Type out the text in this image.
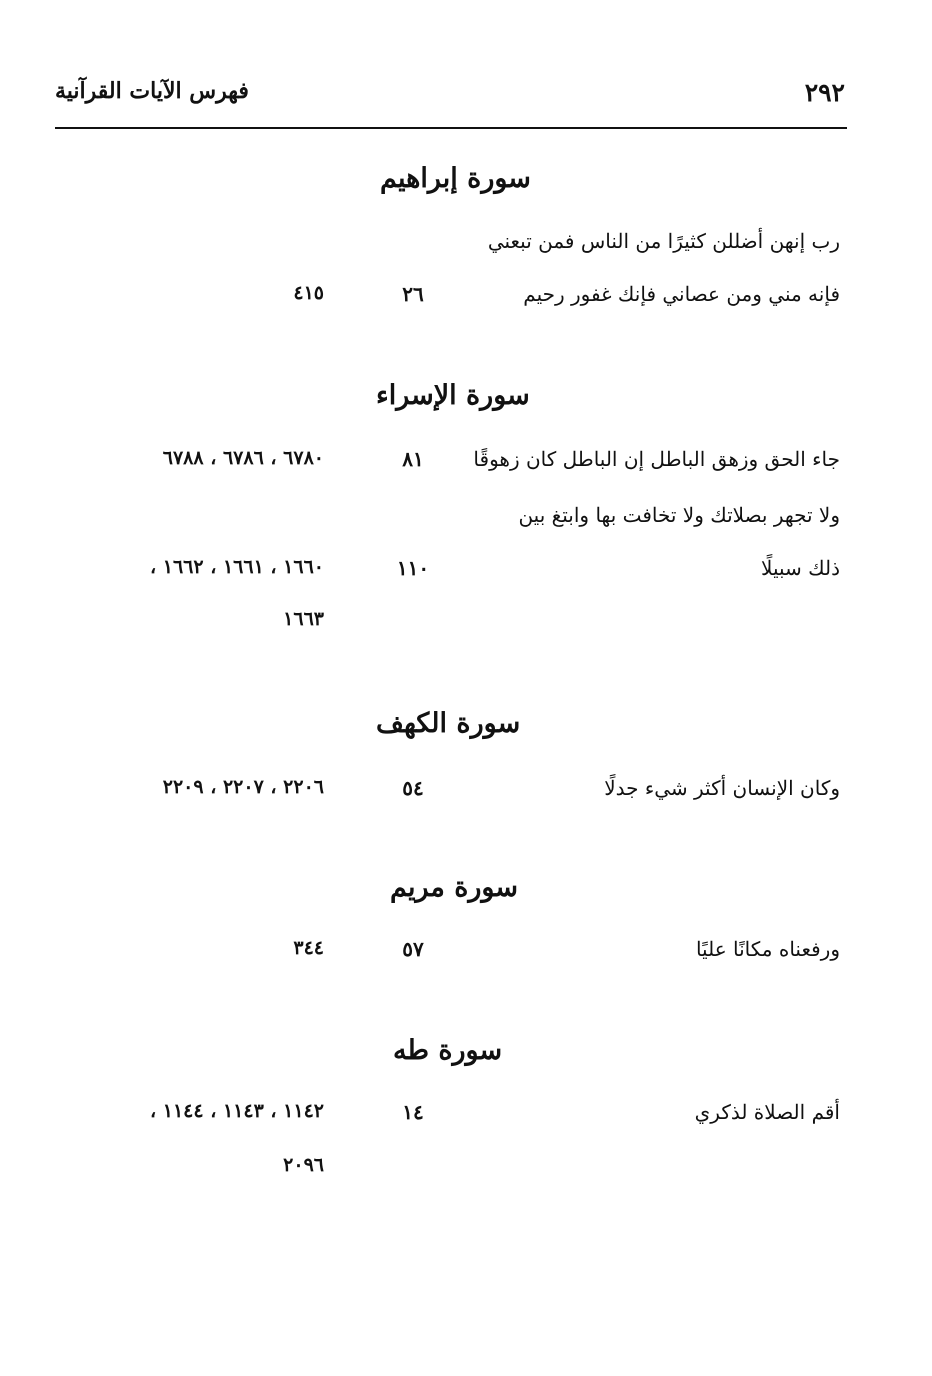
٢٩٢
فهرس الآيات القرآنية
سورة إبراهيم
رب إنهن أضللن كثيرًا من الناس فمن تبعني
فإنه مني ومن عصاني فإنك غفور رحيم
٢٦
٤١٥
سورة الإسراء
جاء الحق وزهق الباطل إن الباطل كان زهوقًا
٨١
٦٧٨٠ ، ٦٧٨٦ ، ٦٧٨٨
ولا تجهر بصلاتك ولا تخافت بها وابتغ بين
ذلك سبيلًا
١١٠
١٦٦٠ ، ١٦٦١ ، ١٦٦٢ ،
١٦٦٣
سورة الكهف
وكان الإنسان أكثر شيء جدلًا
٥٤
٢٢٠٦ ، ٢٢٠٧ ، ٢٢٠٩
سورة مريم
ورفعناه مكانًا عليًا
٥٧
٣٤٤
سورة طه
أقم الصلاة لذكري
١٤
١١٤٢ ، ١١٤٣ ، ١١٤٤ ،
٢٠٩٦
